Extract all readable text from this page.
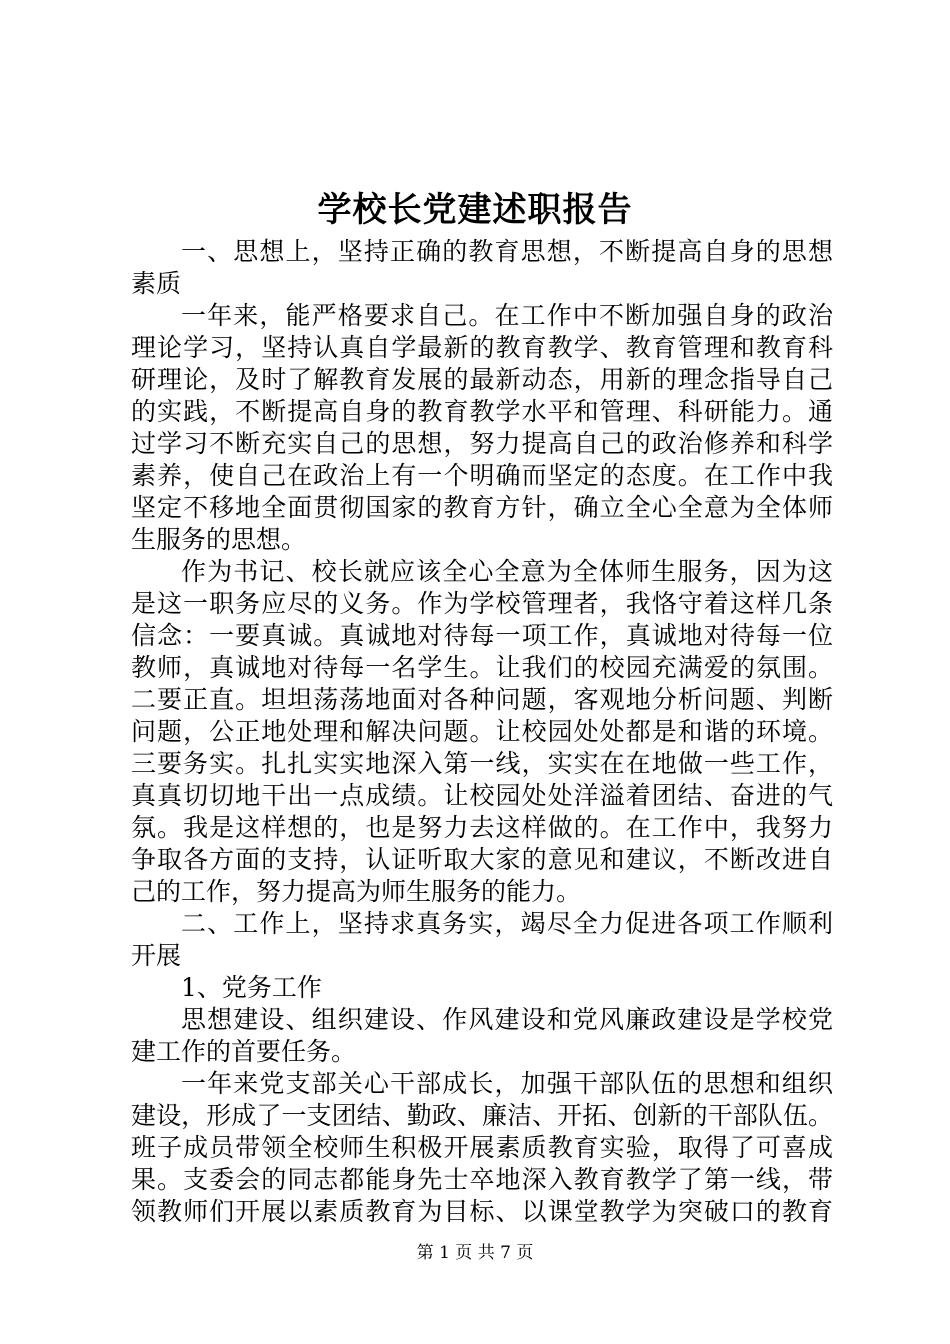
学校长党建述职报告
一、思想上，坚持正确的教育思想，不断提高自身的思想
素质
一年来，能严格要求自己。在工作中不断加强自身的政治
理论学习，坚持认真自学最新的教育教学、教育管理和教育科
研理论，及时了解教育发展的最新动态，用新的理念指导自己
的实践，不断提高自身的教育教学水平和管理、科研能力。通
过学习不断充实自己的思想，努力提高自己的政治修养和科学
素养，使自己在政治上有一个明确而坚定的态度。在工作中我
坚定不移地全面贯彻国家的教育方针，确立全心全意为全体师
生服务的思想。
作为书记、校长就应该全心全意为全体师生服务，因为这
是这一职务应尽的义务。作为学校管理者，我恪守着这样几条
信念：一要真诚。真诚地对待每一项工作，真诚地对待每一位
教师，真诚地对待每一名学生。让我们的校园充满爱的氛围。
二要正直。坦坦荡荡地面对各种问题，客观地分析问题、判断
问题，公正地处理和解决问题。让校园处处都是和谐的环境。
三要务实。扎扎实实地深入第一线，实实在在地做一些工作，
真真切切地干出一点成绩。让校园处处洋溢着团结、奋进的气
氛。我是这样想的，也是努力去这样做的。在工作中，我努力
争取各方面的支持，认证听取大家的意见和建议，不断改进自
己的工作，努力提高为师生服务的能力。
二、工作上，坚持求真务实，竭尽全力促进各项工作顺利
开展
1、党务工作
思想建设、组织建设、作风建设和党风廉政建设是学校党
建工作的首要任务。
一年来党支部关心干部成长，加强干部队伍的思想和组织
建设，形成了一支团结、勤政、廉洁、开拓、创新的干部队伍。
班子成员带领全校师生积极开展素质教育实验，取得了可喜成
果。支委会的同志都能身先士卒地深入教育教学了第一线，带
领教师们开展以素质教育为目标、以课堂教学为突破口的教育
第 1 页 共 7 页
